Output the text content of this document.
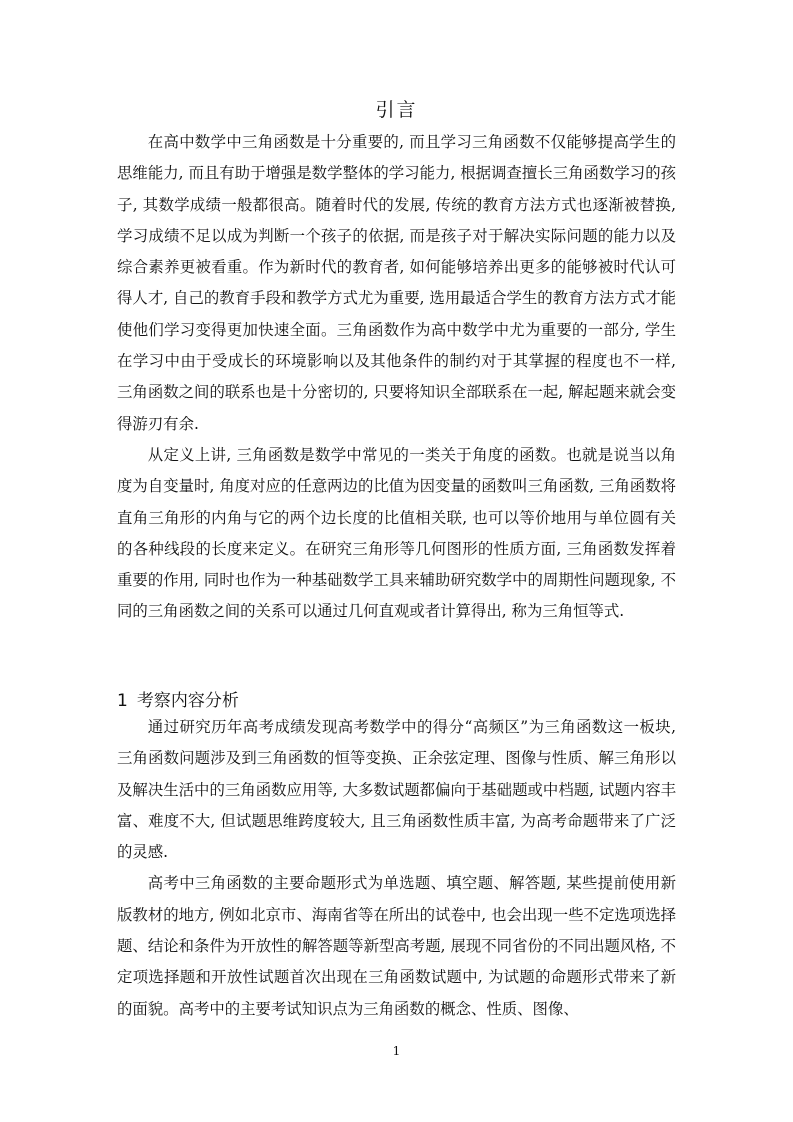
引言

在高中数学中三角函数是十分重要的, 而且学习三角函数不仅能够提高学生的思维能力, 而且有助于增强是数学整体的学习能力, 根据调查擅长三角函数学习的孩子, 其数学成绩一般都很高。随着时代的发展, 传统的教育方法方式也逐渐被替换, 学习成绩不足以成为判断一个孩子的依据, 而是孩子对于解决实际问题的能力以及综合素养更被看重。作为新时代的教育者, 如何能够培养出更多的能够被时代认可得人才, 自己的教育手段和教学方式尤为重要, 选用最适合学生的教育方法方式才能使他们学习变得更加快速全面。三角函数作为高中数学中尤为重要的一部分, 学生在学习中由于受成长的环境影响以及其他条件的制约对于其掌握的程度也不一样, 三角函数之间的联系也是十分密切的, 只要将知识全部联系在一起, 解起题来就会变得游刃有余.

从定义上讲, 三角函数是数学中常见的一类关于角度的函数。也就是说当以角度为自变量时, 角度对应的任意两边的比值为因变量的函数叫三角函数, 三角函数将直角三角形的内角与它的两个边长度的比值相关联, 也可以等价地用与单位圆有关的各种线段的长度来定义。在研究三角形等几何图形的性质方面, 三角函数发挥着重要的作用, 同时也作为一种基础数学工具来辅助研究数学中的周期性问题现象, 不同的三角函数之间的关系可以通过几何直观或者计算得出, 称为三角恒等式.

1 考察内容分析

通过研究历年高考成绩发现高考数学中的得分“高频区”为三角函数这一板块, 三角函数问题涉及到三角函数的恒等变换、正余弦定理、图像与性质、解三角形以及解决生活中的三角函数应用等, 大多数试题都偏向于基础题或中档题, 试题内容丰富、难度不大, 但试题思维跨度较大, 且三角函数性质丰富, 为高考命题带来了广泛的灵感.

高考中三角函数的主要命题形式为单选题、填空题、解答题, 某些提前使用新版教材的地方, 例如北京市、海南省等在所出的试卷中, 也会出现一些不定选项选择题、结论和条件为开放性的解答题等新型高考题, 展现不同省份的不同出题风格, 不定项选择题和开放性试题首次出现在三角函数试题中, 为试题的命题形式带来了新的面貌。高考中的主要考试知识点为三角函数的概念、性质、图像、

1
